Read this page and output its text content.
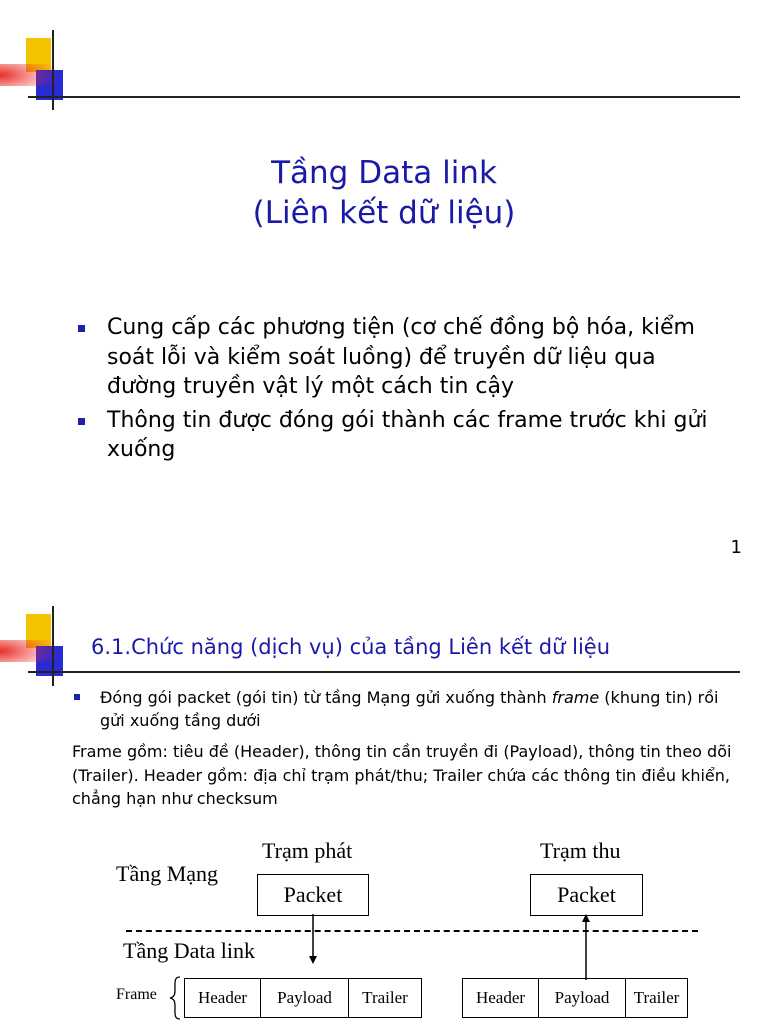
Tầng Data link
(Liên kết dữ liệu)
Cung cấp các phương tiện (cơ chế đồng bộ hóa, kiểm soát lỗi và kiểm soát luồng) để truyền dữ liệu qua đường truyền vật lý một cách tin cậy
Thông tin được đóng gói thành các frame trước khi gửi xuống
1
6.1.Chức năng (dịch vụ) của tầng Liên kết dữ liệu
Đóng gói packet (gói tin) từ tầng Mạng gửi xuống thành frame (khung tin) rồi gửi xuống tầng dưới
Frame gồm: tiêu đề (Header), thông tin cần truyền đi (Payload), thông tin theo dõi (Trailer). Header gồm: địa chỉ trạm phát/thu; Trailer chứa các thông tin điều khiển, chẳng hạn như checksum
Trạm phát	Trạm thu
Tầng Mạng
Packet	Packet
Tầng Data link
Frame	Header	Payload	Trailer	Header	Payload	Trailer
